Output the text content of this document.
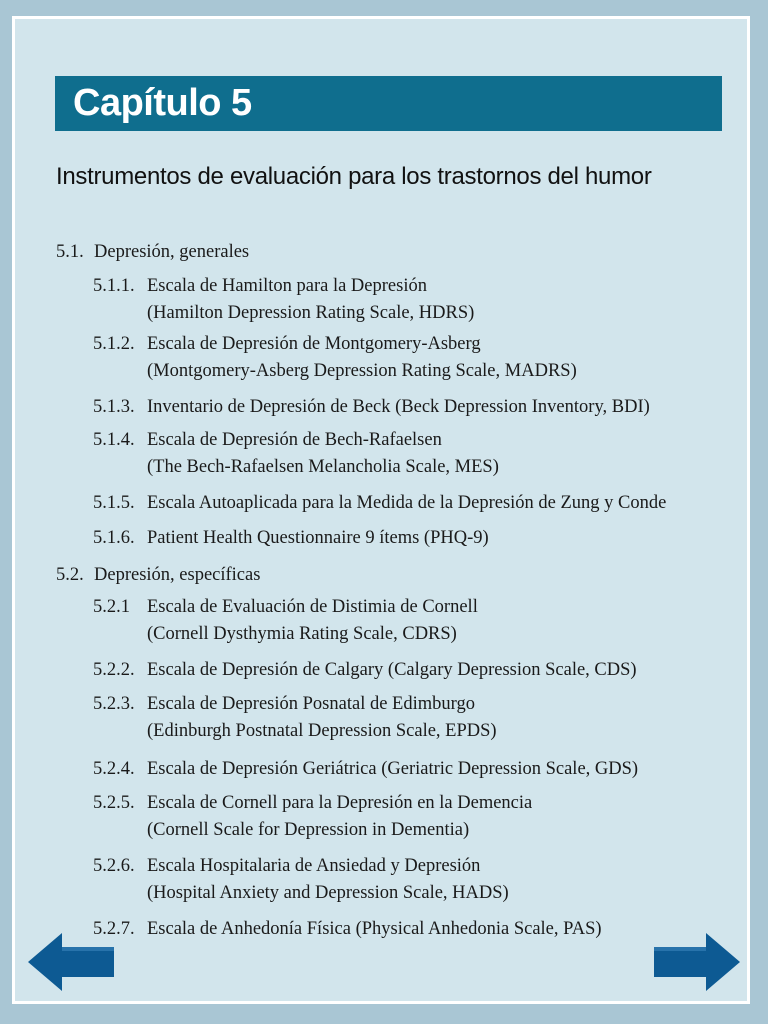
Capítulo 5
Instrumentos de evaluación para los trastornos del humor
5.1. Depresión, generales
5.1.1. Escala de Hamilton para la Depresión
(Hamilton Depression Rating Scale, HDRS)
5.1.2. Escala de Depresión de Montgomery-Asberg
(Montgomery-Asberg Depression Rating Scale, MADRS)
5.1.3. Inventario de Depresión de Beck (Beck Depression Inventory, BDI)
5.1.4. Escala de Depresión de Bech-Rafaelsen
(The Bech-Rafaelsen Melancholia Scale, MES)
5.1.5. Escala Autoaplicada para la Medida de la Depresión de Zung y Conde
5.1.6. Patient Health Questionnaire 9 ítems (PHQ-9)
5.2. Depresión, específicas
5.2.1 Escala de Evaluación de Distimia de Cornell
(Cornell Dysthymia Rating Scale, CDRS)
5.2.2. Escala de Depresión de Calgary (Calgary Depression Scale, CDS)
5.2.3. Escala de Depresión Posnatal de Edimburgo
(Edinburgh Postnatal Depression Scale, EPDS)
5.2.4. Escala de Depresión Geriátrica (Geriatric Depression Scale, GDS)
5.2.5. Escala de Cornell para la Depresión en la Demencia
(Cornell Scale for Depression in Dementia)
5.2.6. Escala Hospitalaria de Ansiedad y Depresión
(Hospital Anxiety and Depression Scale, HADS)
5.2.7. Escala de Anhedonía Física (Physical Anhedonia Scale, PAS)
